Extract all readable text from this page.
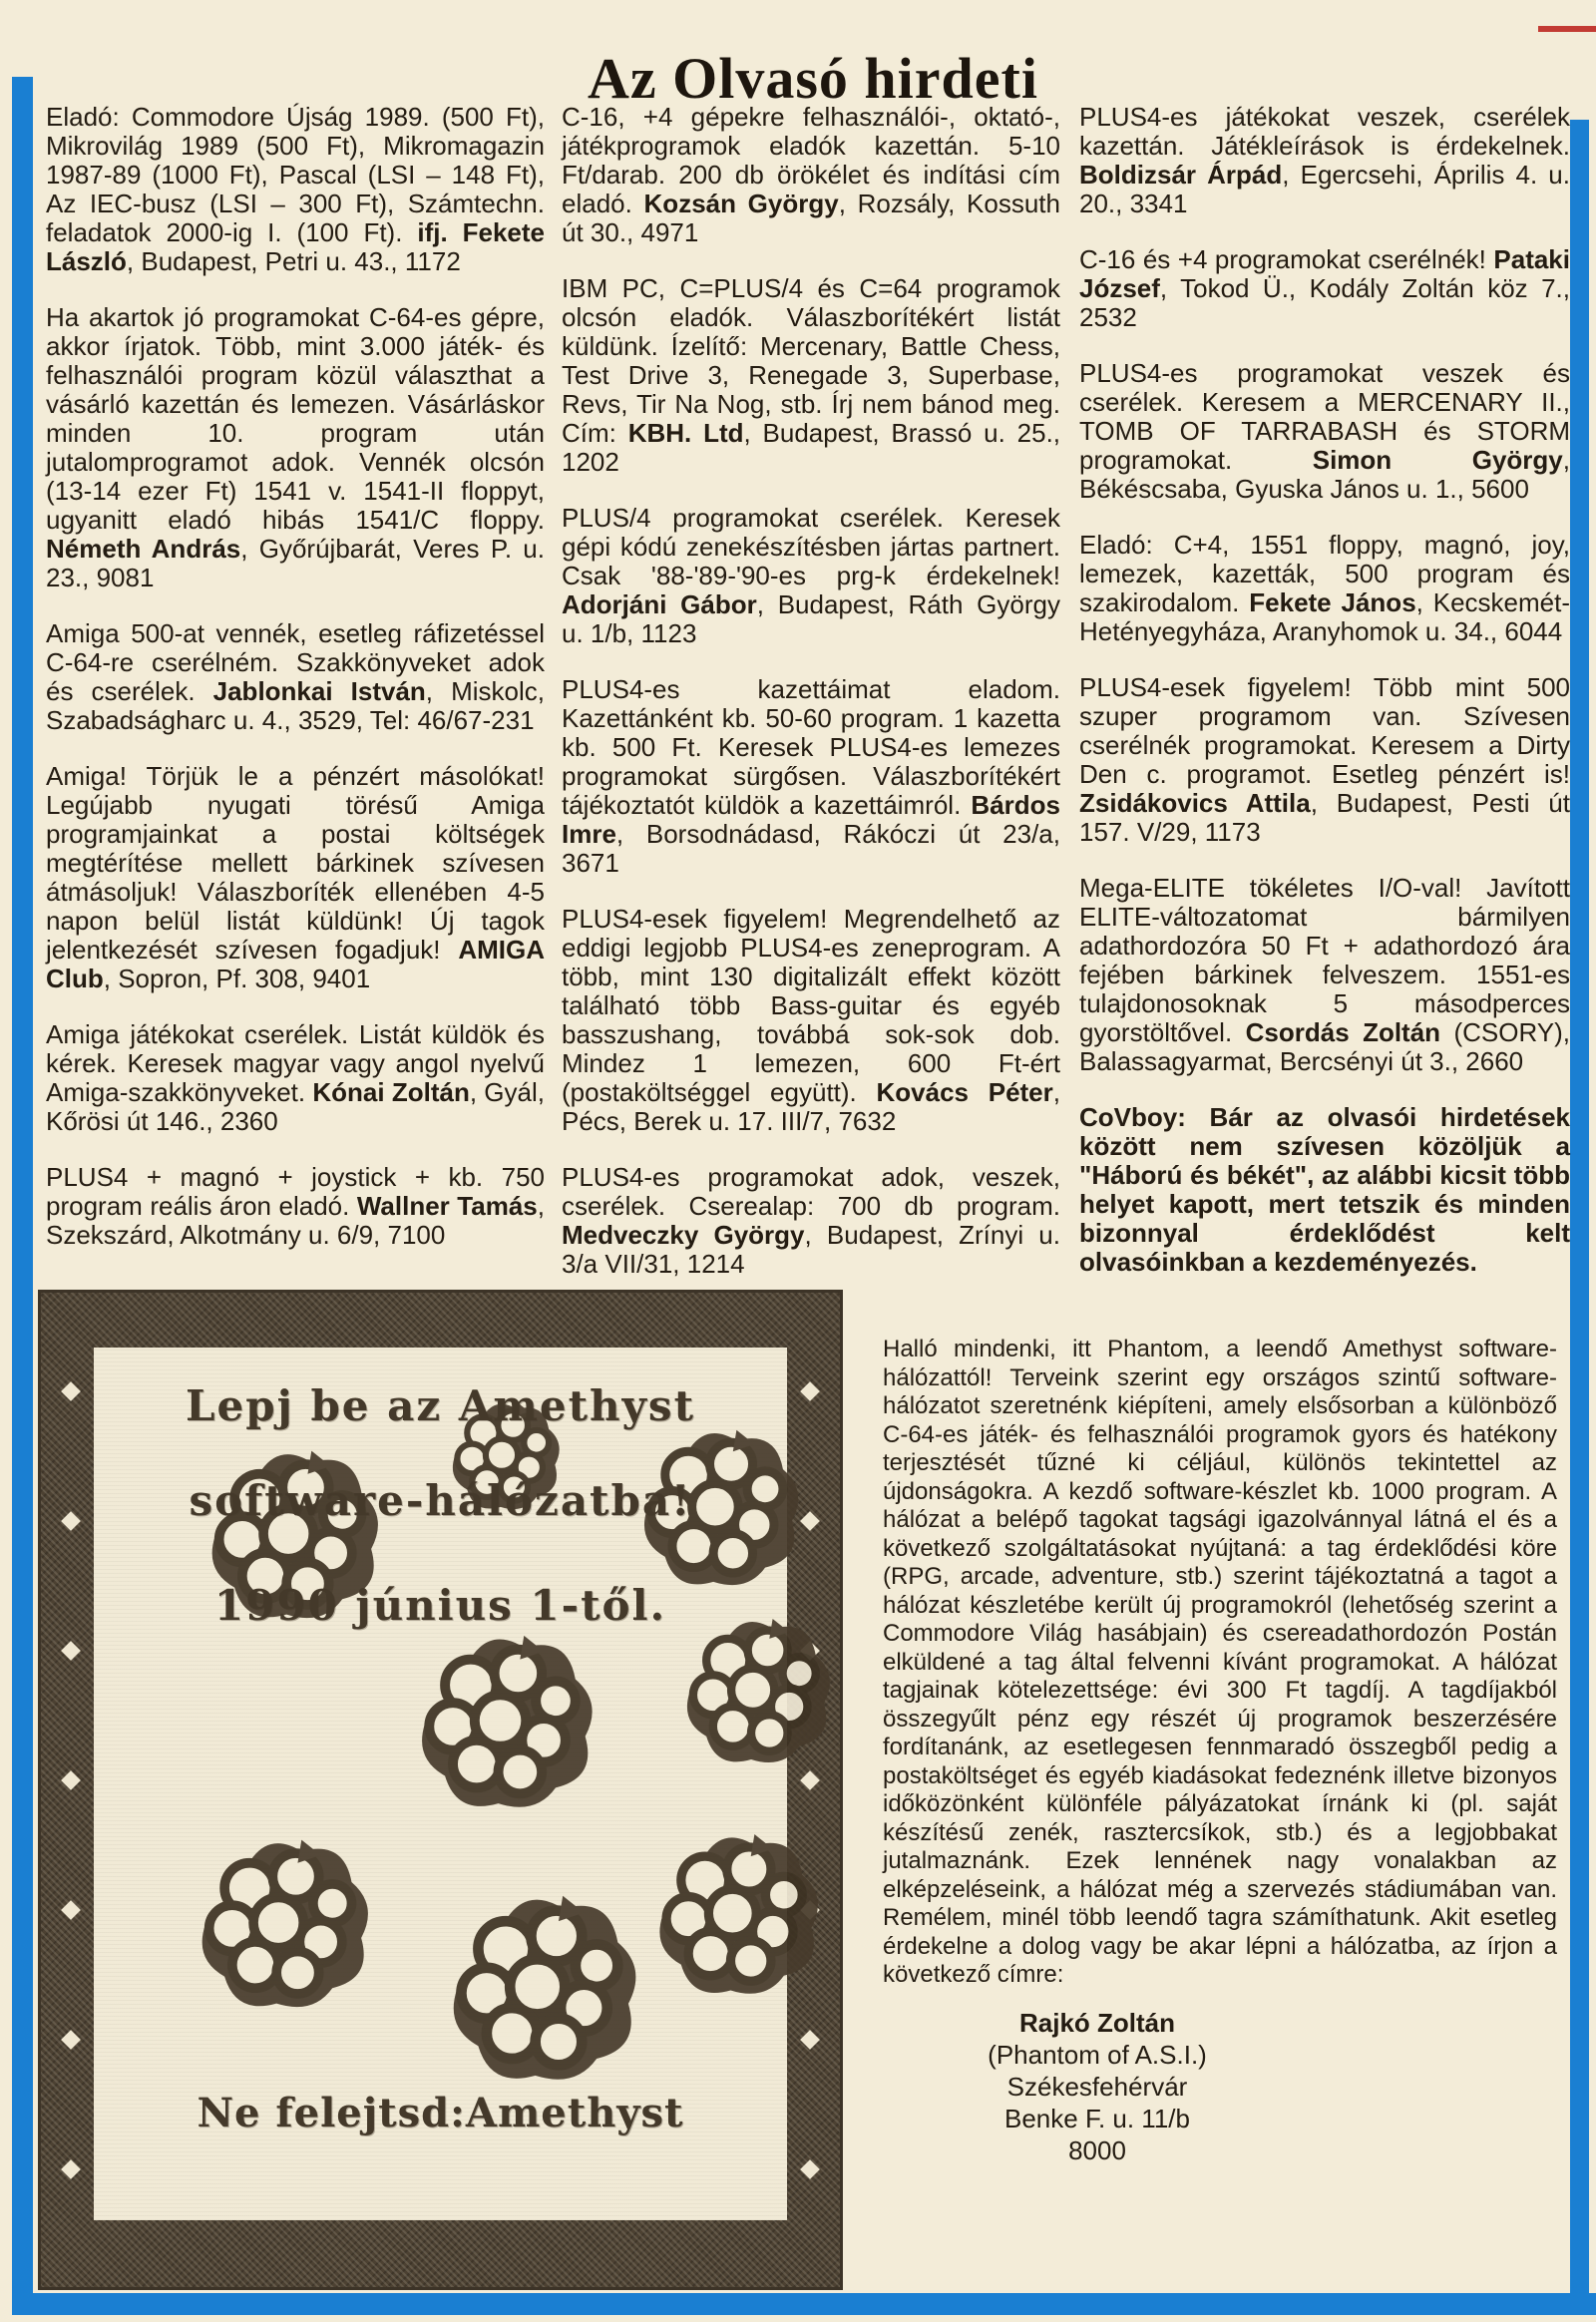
Az Olvasó hirdeti

Eladó: Commodore Újság 1989. (500 Ft), Mikrovilág 1989 (500 Ft), Mikromagazin 1987-89 (1000 Ft), Pascal (LSI – 148 Ft), Az IEC-busz (LSI – 300 Ft), Számtechn. feladatok 2000-ig I. (100 Ft). ifj. Fekete László, Budapest, Petri u. 43., 1172

Ha akartok jó programokat C-64-es gépre, akkor írjatok. Több, mint 3.000 játék- és felhasználói program közül választhat a vásárló kazettán és lemezen. Vásárláskor minden 10. program után jutalomprogramot adok. Vennék olcsón (13-14 ezer Ft) 1541 v. 1541-II floppyt, ugyanitt eladó hibás 1541/C floppy. Németh András, Győrújbarát, Veres P. u. 23., 9081

Amiga 500-at vennék, esetleg ráfizetéssel C-64-re cserélném. Szakkönyveket adok és cserélek. Jablonkai István, Miskolc, Szabadságharc u. 4., 3529, Tel: 46/67-231

Amiga! Törjük le a pénzért másolókat! Legújabb nyugati törésű Amiga programjainkat a postai költségek megtérítése mellett bárkinek szívesen átmásoljuk! Válaszboríték ellenében 4-5 napon belül listát küldünk! Új tagok jelentkezését szívesen fogadjuk! AMIGA Club, Sopron, Pf. 308, 9401

Amiga játékokat cserélek. Listát küldök és kérek. Keresek magyar vagy angol nyelvű Amiga-szakkönyveket. Kónai Zoltán, Gyál, Kőrösi út 146., 2360

PLUS4 + magnó + joystick + kb. 750 program reális áron eladó. Wallner Tamás, Szekszárd, Alkotmány u. 6/9, 7100

C-16, +4 gépekre felhasználói-, oktató-, játékprogramok eladók kazettán. 5-10 Ft/darab. 200 db örökélet és indítási cím eladó. Kozsán György, Rozsály, Kossuth út 30., 4971

IBM PC, C=PLUS/4 és C=64 programok olcsón eladók. Válaszborítékért listát küldünk. Ízelítő: Mercenary, Battle Chess, Test Drive 3, Renegade 3, Superbase, Revs, Tir Na Nog, stb. Írj nem bánod meg. Cím: KBH. Ltd, Budapest, Brassó u. 25., 1202

PLUS/4 programokat cserélek. Keresek gépi kódú zenekészítésben jártas partnert. Csak '88-'89-'90-es prg-k érdekelnek! Adorjáni Gábor, Budapest, Ráth György u. 1/b, 1123

PLUS4-es kazettáimat eladom. Kazettánként kb. 50-60 program. 1 kazetta kb. 500 Ft. Keresek PLUS4-es lemezes programokat sürgősen. Válaszborítékért tájékoztatót küldök a kazettáimról. Bárdos Imre, Borsodnádasd, Rákóczi út 23/a, 3671

PLUS4-esek figyelem! Megrendelhető az eddigi legjobb PLUS4-es zeneprogram. A több, mint 130 digitalizált effekt között található több Bass-guitar és egyéb basszushang, továbbá sok-sok dob. Mindez 1 lemezen, 600 Ft-ért (postaköltséggel együtt). Kovács Péter, Pécs, Berek u. 17. III/7, 7632

PLUS4-es programokat adok, veszek, cserélek. Cserealap: 700 db program. Medveczky György, Budapest, Zrínyi u. 3/a VII/31, 1214

PLUS4-es játékokat veszek, cserélek kazettán. Játékleírások is érdekelnek. Boldizsár Árpád, Egercsehi, Április 4. u. 20., 3341

C-16 és +4 programokat cserélnék! Pataki József, Tokod Ü., Kodály Zoltán köz 7., 2532

PLUS4-es programokat veszek és cserélek. Keresem a MERCENARY II., TOMB OF TARRABASH és STORM programokat. Simon György, Békéscsaba, Gyuska János u. 1., 5600

Eladó: C+4, 1551 floppy, magnó, joy, lemezek, kazetták, 500 program és szakirodalom. Fekete János, Kecskemét-Hetényegyháza, Aranyhomok u. 34., 6044

PLUS4-esek figyelem! Több mint 500 szuper programom van. Szívesen cserélnék programokat. Keresem a Dirty Den c. programot. Esetleg pénzért is! Zsidákovics Attila, Budapest, Pesti út 157. V/29, 1173

Mega-ELITE tökéletes I/O-val! Javított ELITE-változatomat bármilyen adathordozóra 50 Ft + adathordozó ára fejében bárkinek felveszem. 1551-es tulajdonosoknak 5 másodperces gyorstöltővel. Csordás Zoltán (CSORY), Balassagyarmat, Bercsényi út 3., 2660

CoVboy: Bár az olvasói hirdetések között nem szívesen közöljük a "Háború és békét", az alábbi kicsit több helyet kapott, mert tetszik és minden bizonnyal érdeklődést kelt olvasóinkban a kezdeményezés.

Lepj be az Amethyst
software-hálózatba!
1990 június 1-től.
Ne felejtsd:Amethyst

Halló mindenki, itt Phantom, a leendő Amethyst software-hálózattól! Terveink szerint egy országos szintű software-hálózatot szeretnénk kiépíteni, amely elsősorban a különböző C-64-es játék- és felhasználói programok gyors és hatékony terjesztését tűzné ki céljául, különös tekintettel az újdonságokra. A kezdő software-készlet kb. 1000 program. A hálózat a belépő tagokat tagsági igazolvánnyal látná el és a következő szolgáltatásokat nyújtaná: a tag érdeklődési köre (RPG, arcade, adventure, stb.) szerint tájékoztatná a tagot a hálózat készletébe került új programokról (lehetőség szerint a Commodore Világ hasábjain) és csereadathordozón Postán elküldené a tag által felvenni kívánt programokat. A hálózat tagjainak kötelezettsége: évi 300 Ft tagdíj. A tagdíjakból összegyűlt pénz egy részét új programok beszerzésére fordítanánk, az esetlegesen fennmaradó összegből pedig a postaköltséget és egyéb kiadásokat fedeznénk illetve bizonyos időközönként különféle pályázatokat írnánk ki (pl. saját készítésű zenék, rasztercsíkok, stb.) és a legjobbakat jutalmaznánk. Ezek lennének nagy vonalakban az elképzeléseink, a hálózat még a szervezés stádiumában van. Remélem, minél több leendő tagra számíthatunk. Akit esetleg érdekelne a dolog vagy be akar lépni a hálózatba, az írjon a következő címre:

Rajkó Zoltán
(Phantom of A.S.I.)
Székesfehérvár
Benke F. u. 11/b
8000
